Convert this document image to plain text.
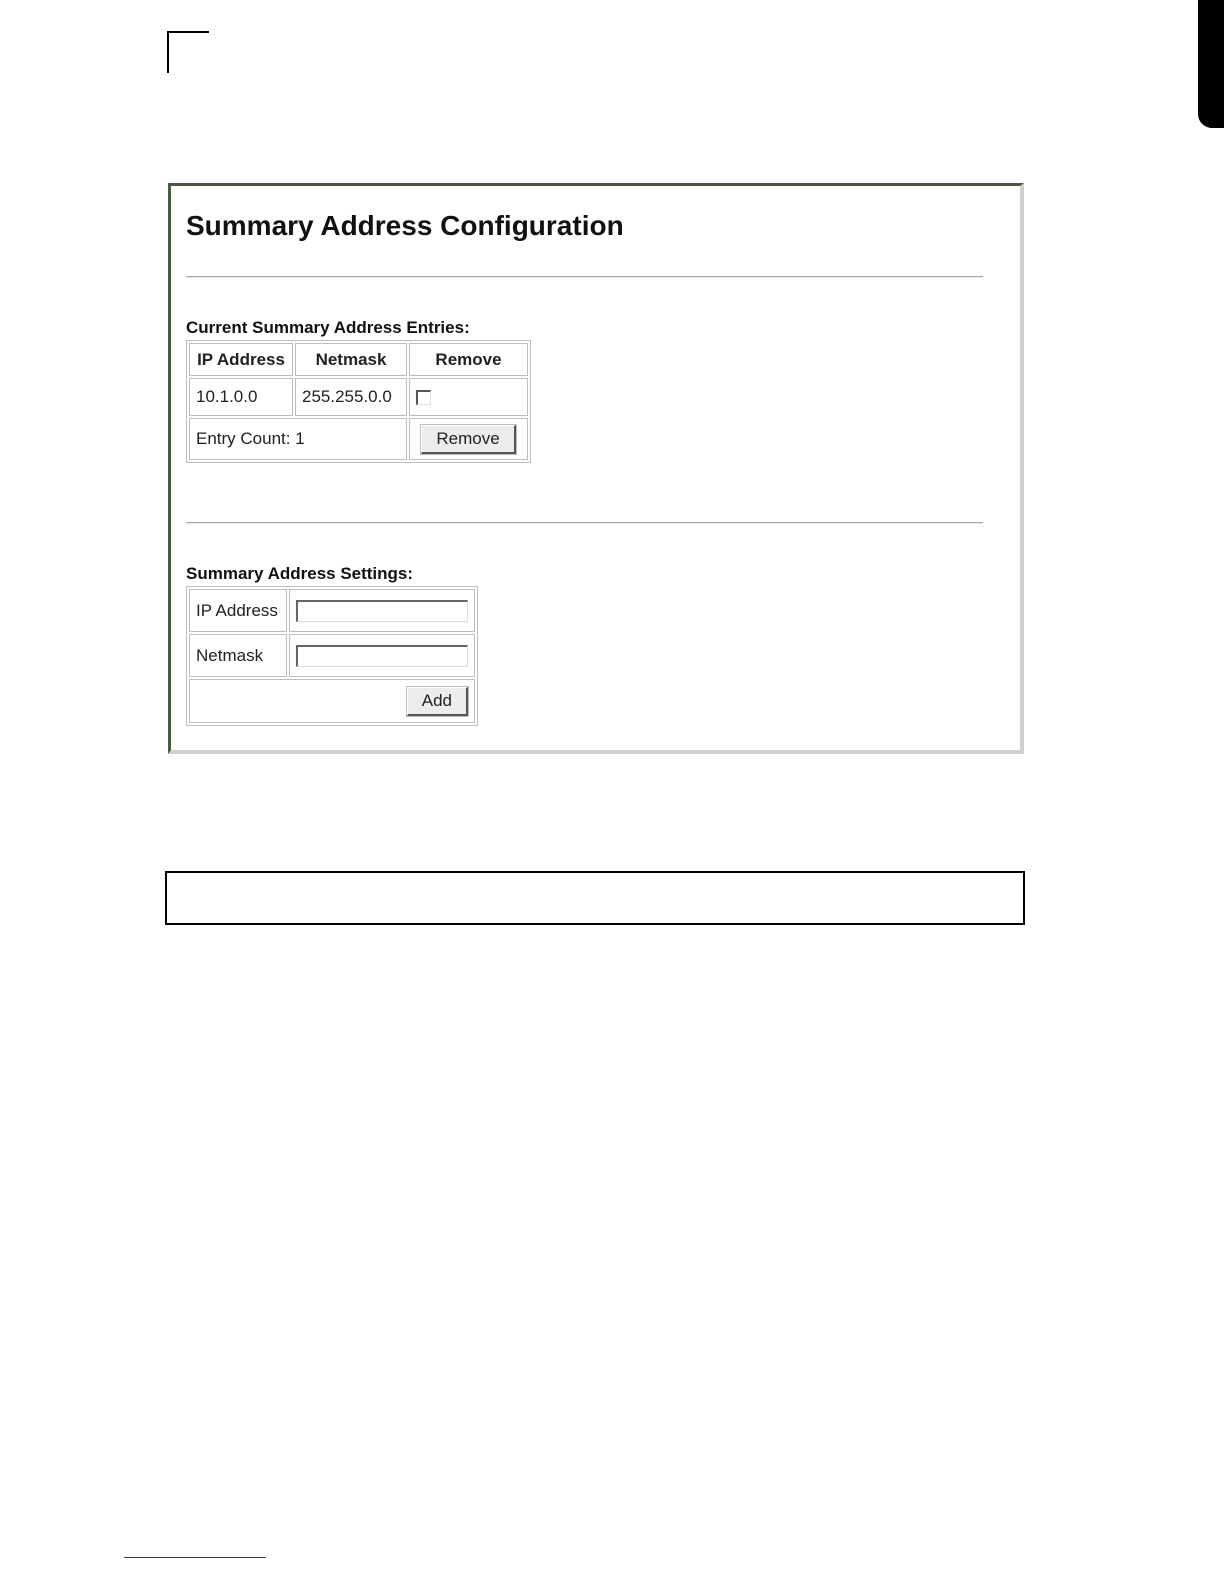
Summary Address Configuration
Current Summary Address Entries:
IP Address	Netmask	Remove
10.1.0.0	255.255.0.0	
Entry Count: 1		Remove
Summary Address Settings:
IP Address	
Netmask	
Add	
